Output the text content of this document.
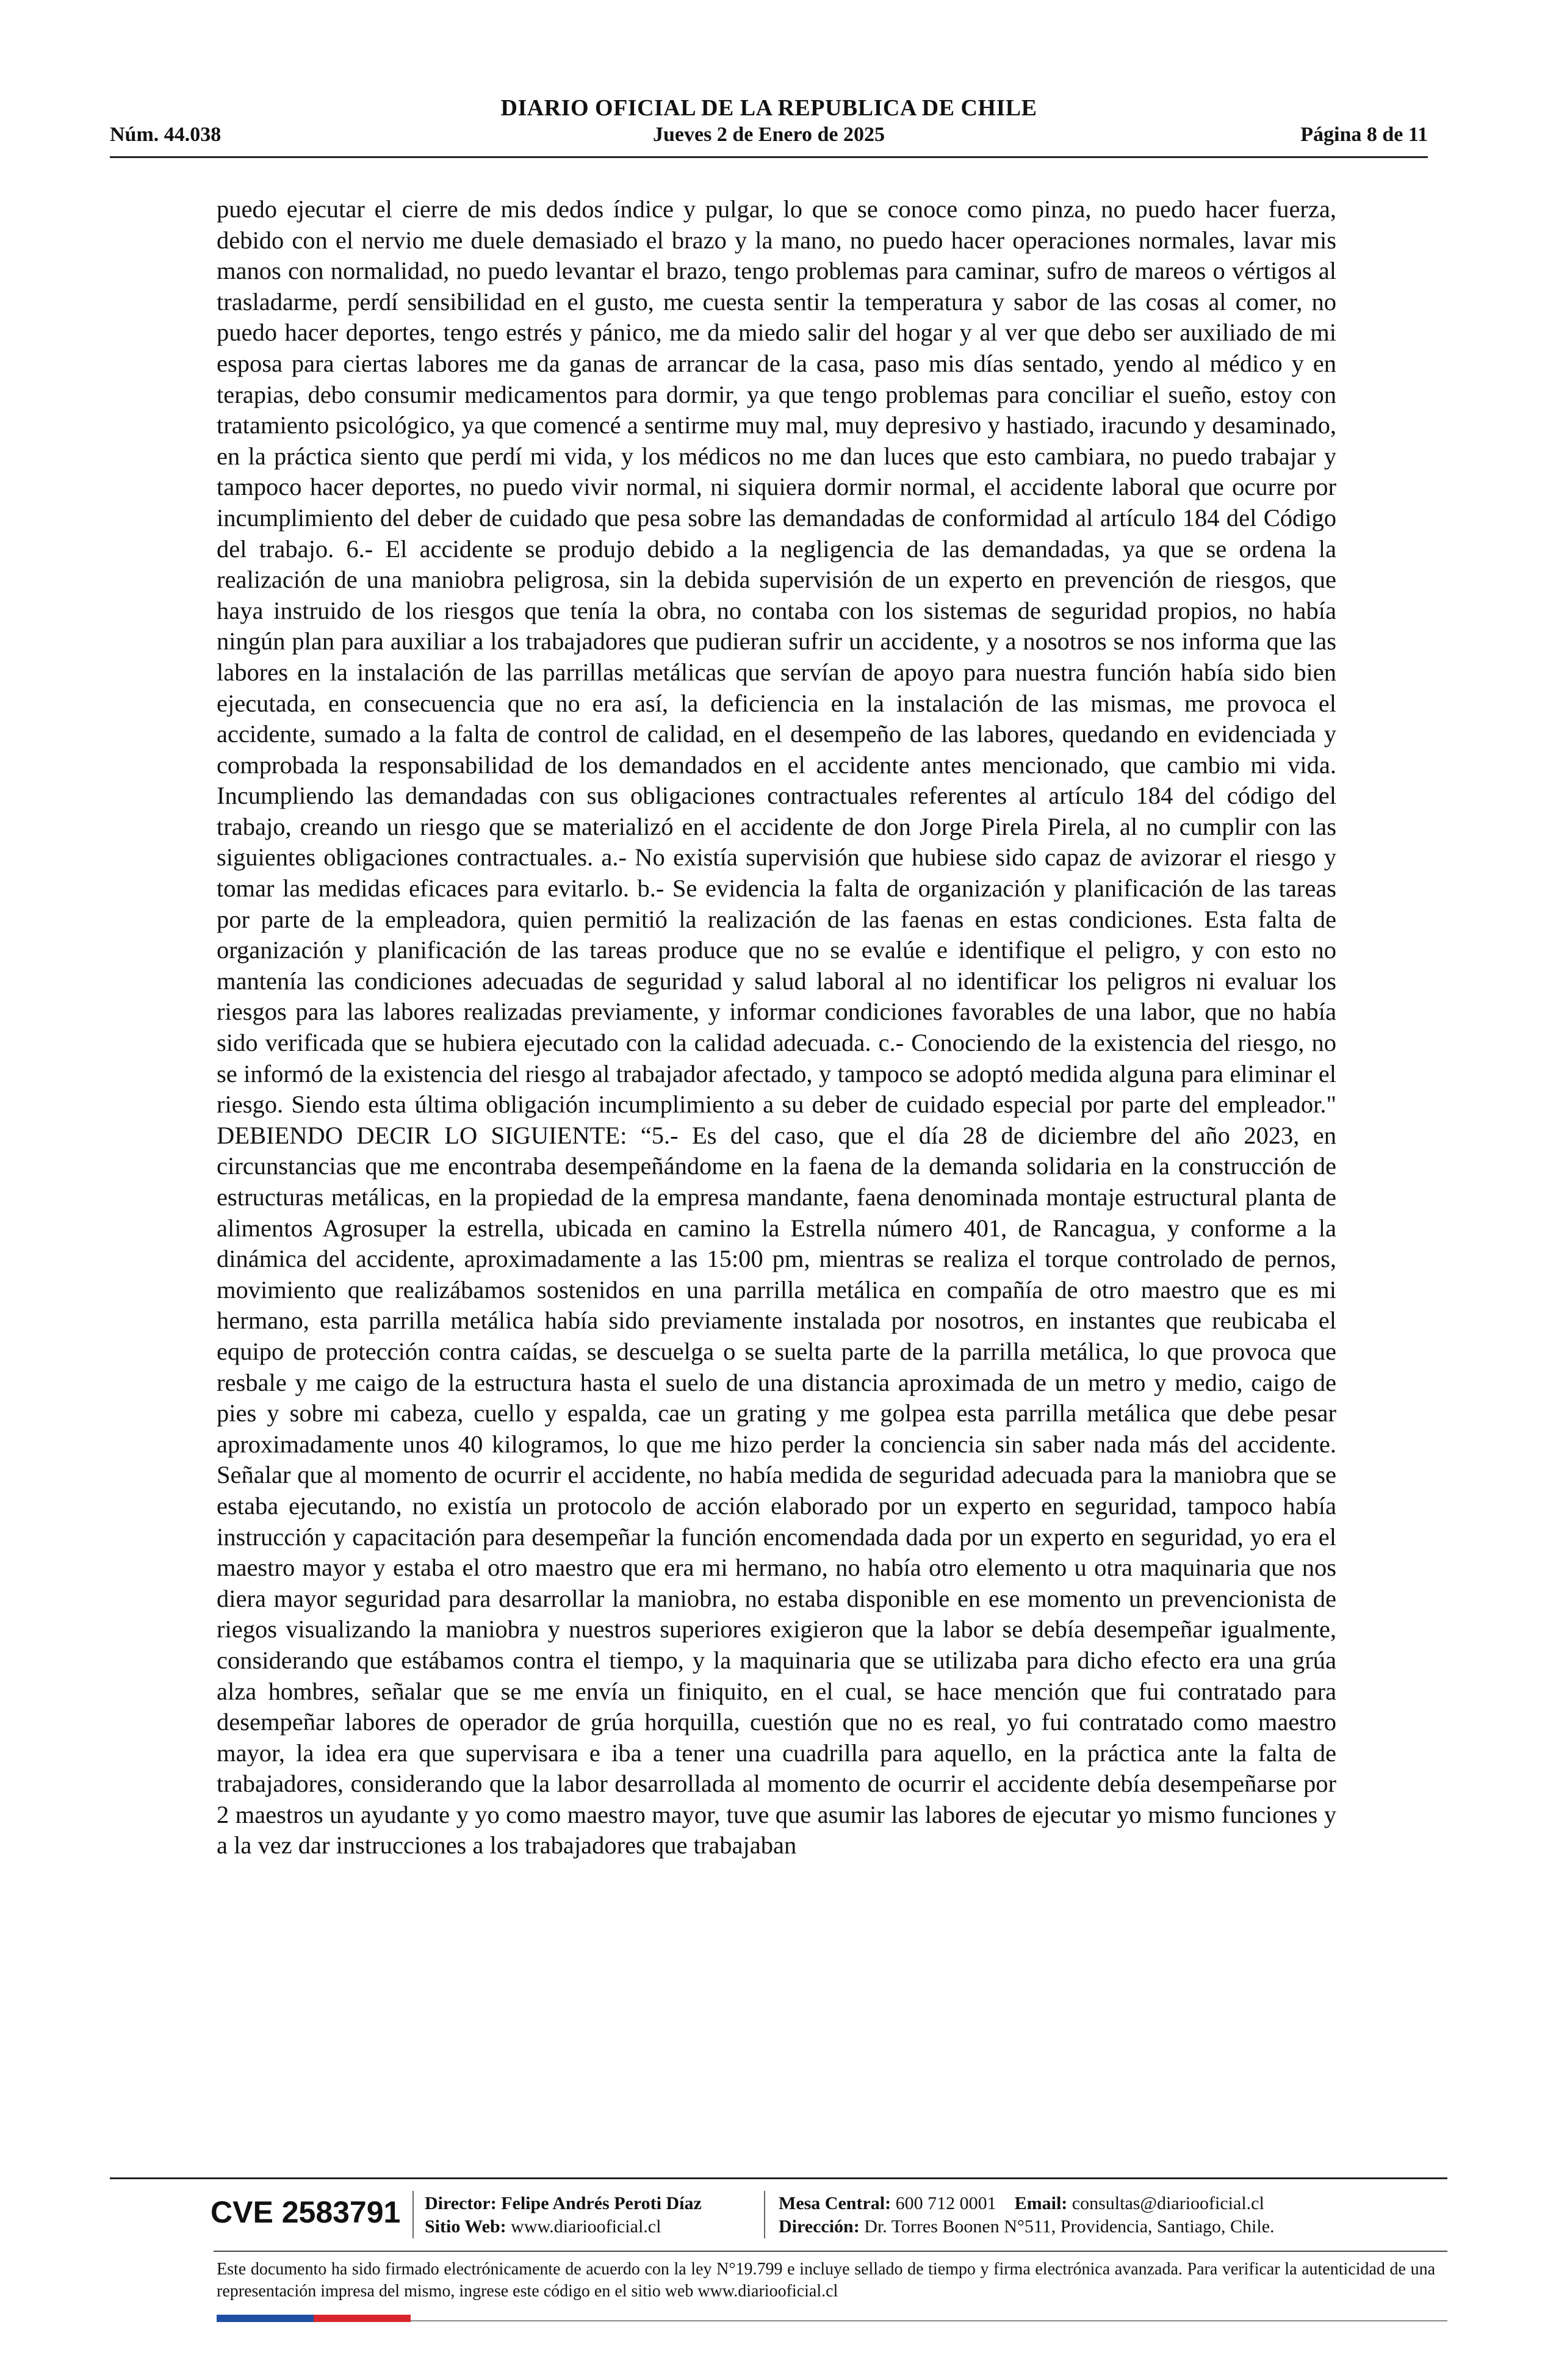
DIARIO OFICIAL DE LA REPUBLICA DE CHILE
Núm. 44.038	Jueves 2 de Enero de 2025	Página 8 de 11

puedo ejecutar el cierre de mis dedos índice y pulgar, lo que se conoce como pinza, no puedo hacer fuerza, debido con el nervio me duele demasiado el brazo y la mano, no puedo hacer operaciones normales, lavar mis manos con normalidad, no puedo levantar el brazo, tengo problemas para caminar, sufro de mareos o vértigos al trasladarme, perdí sensibilidad en el gusto, me cuesta sentir la temperatura y sabor de las cosas al comer, no puedo hacer deportes, tengo estrés y pánico, me da miedo salir del hogar y al ver que debo ser auxiliado de mi esposa para ciertas labores me da ganas de arrancar de la casa, paso mis días sentado, yendo al médico y en terapias, debo consumir medicamentos para dormir, ya que tengo problemas para conciliar el sueño, estoy con tratamiento psicológico, ya que comencé a sentirme muy mal, muy depresivo y hastiado, iracundo y desaminado, en la práctica siento que perdí mi vida, y los médicos no me dan luces que esto cambiara, no puedo trabajar y tampoco hacer deportes, no puedo vivir normal, ni siquiera dormir normal, el accidente laboral que ocurre por incumplimiento del deber de cuidado que pesa sobre las demandadas de conformidad al artículo 184 del Código del trabajo. 6.- El accidente se produjo debido a la negligencia de las demandadas, ya que se ordena la realización de una maniobra peligrosa, sin la debida supervisión de un experto en prevención de riesgos, que haya instruido de los riesgos que tenía la obra, no contaba con los sistemas de seguridad propios, no había ningún plan para auxiliar a los trabajadores que pudieran sufrir un accidente, y a nosotros se nos informa que las labores en la instalación de las parrillas metálicas que servían de apoyo para nuestra función había sido bien ejecutada, en consecuencia que no era así, la deficiencia en la instalación de las mismas, me provoca el accidente, sumado a la falta de control de calidad, en el desempeño de las labores, quedando en evidenciada y comprobada la responsabilidad de los demandados en el accidente antes mencionado, que cambio mi vida. Incumpliendo las demandadas con sus obligaciones contractuales referentes al artículo 184 del código del trabajo, creando un riesgo que se materializó en el accidente de don Jorge Pirela Pirela, al no cumplir con las siguientes obligaciones contractuales. a.- No existía supervisión que hubiese sido capaz de avizorar el riesgo y tomar las medidas eficaces para evitarlo. b.- Se evidencia la falta de organización y planificación de las tareas por parte de la empleadora, quien permitió la realización de las faenas en estas condiciones. Esta falta de organización y planificación de las tareas produce que no se evalúe e identifique el peligro, y con esto no mantenía las condiciones adecuadas de seguridad y salud laboral al no identificar los peligros ni evaluar los riesgos para las labores realizadas previamente, y informar condiciones favorables de una labor, que no había sido verificada que se hubiera ejecutado con la calidad adecuada. c.- Conociendo de la existencia del riesgo, no se informó de la existencia del riesgo al trabajador afectado, y tampoco se adoptó medida alguna para eliminar el riesgo. Siendo esta última obligación incumplimiento a su deber de cuidado especial por parte del empleador." DEBIENDO DECIR LO SIGUIENTE: “5.- Es del caso, que el día 28 de diciembre del año 2023, en circunstancias que me encontraba desempeñándome en la faena de la demanda solidaria en la construcción de estructuras metálicas, en la propiedad de la empresa mandante, faena denominada montaje estructural planta de alimentos Agrosuper la estrella, ubicada en camino la Estrella número 401, de Rancagua, y conforme a la dinámica del accidente, aproximadamente a las 15:00 pm, mientras se realiza el torque controlado de pernos, movimiento que realizábamos sostenidos en una parrilla metálica en compañía de otro maestro que es mi hermano, esta parrilla metálica había sido previamente instalada por nosotros, en instantes que reubicaba el equipo de protección contra caídas, se descuelga o se suelta parte de la parrilla metálica, lo que provoca que resbale y me caigo de la estructura hasta el suelo de una distancia aproximada de un metro y medio, caigo de pies y sobre mi cabeza, cuello y espalda, cae un grating y me golpea esta parrilla metálica que debe pesar aproximadamente unos 40 kilogramos, lo que me hizo perder la conciencia sin saber nada más del accidente. Señalar que al momento de ocurrir el accidente, no había medida de seguridad adecuada para la maniobra que se estaba ejecutando, no existía un protocolo de acción elaborado por un experto en seguridad, tampoco había instrucción y capacitación para desempeñar la función encomendada dada por un experto en seguridad, yo era el maestro mayor y estaba el otro maestro que era mi hermano, no había otro elemento u otra maquinaria que nos diera mayor seguridad para desarrollar la maniobra, no estaba disponible en ese momento un prevencionista de riegos visualizando la maniobra y nuestros superiores exigieron que la labor se debía desempeñar igualmente, considerando que estábamos contra el tiempo, y la maquinaria que se utilizaba para dicho efecto era una grúa alza hombres, señalar que se me envía un finiquito, en el cual, se hace mención que fui contratado para desempeñar labores de operador de grúa horquilla, cuestión que no es real, yo fui contratado como maestro mayor, la idea era que supervisara e iba a tener una cuadrilla para aquello, en la práctica ante la falta de trabajadores, considerando que la labor desarrollada al momento de ocurrir el accidente debía desempeñarse por 2 maestros un ayudante y yo como maestro mayor, tuve que asumir las labores de ejecutar yo mismo funciones y a la vez dar instrucciones a los trabajadores que trabajaban

CVE 2583791 Director: Felipe Andrés Peroti Díaz
Sitio Web: www.diariooficial.cl
Mesa Central: 600 712 0001 Email: consultas@diariooficial.cl
Dirección: Dr. Torres Boonen N°511, Providencia, Santiago, Chile.
Este documento ha sido firmado electrónicamente de acuerdo con la ley N°19.799 e incluye sellado de tiempo y firma electrónica avanzada. Para verificar la autenticidad de una representación impresa del mismo, ingrese este código en el sitio web www.diariooficial.cl
